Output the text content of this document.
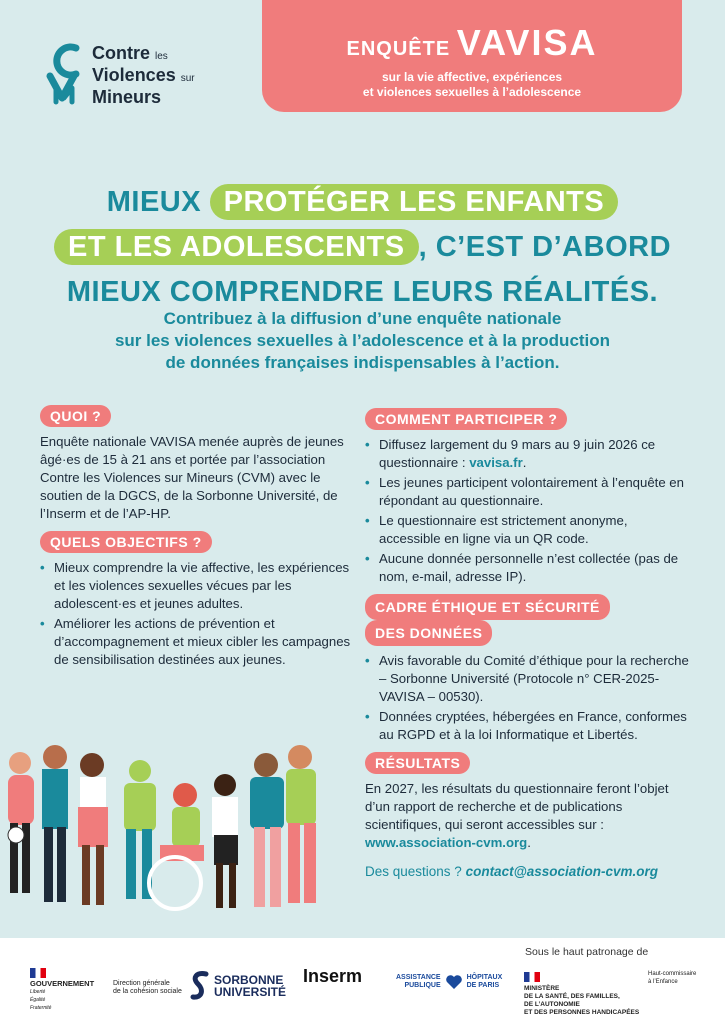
Contre les
Violences sur
Mineurs
ENQUÊTE VAVISA
sur la vie affective, expériences
et violences sexuelles à l’adolescence
MIEUX PROTÉGER LES ENFANTS
ET LES ADOLESCENTS , C’EST D’ABORD
MIEUX COMPRENDRE LEURS RÉALITÉS.
Contribuez à la diffusion d’une enquête nationale
sur les violences sexuelles à l’adolescence et à la production
de données françaises indispensables à l’action.
QUOI ?

Enquête nationale VAVISA menée auprès de jeunes âgé·es de 15 à 21 ans et portée par l’association Contre les Violences sur Mineurs (CVM) avec le soutien de la DGCS, de la Sorbonne Université, de l’Inserm et de l’AP-HP.

QUELS OBJECTIFS ?
• Mieux comprendre la vie affective, les expériences et les violences sexuelles vécues par les adolescent·es et jeunes adultes.
• Améliorer les actions de prévention et d’accompagnement et mieux cibler les campagnes de sensibilisation destinées aux jeunes.
COMMENT PARTICIPER ?
• Diffusez largement du 9 mars au 9 juin 2026 ce questionnaire : vavisa.fr.
• Les jeunes participent volontairement à l’enquête en répondant au questionnaire.
• Le questionnaire est strictement anonyme, accessible en ligne via un QR code.
• Aucune donnée personnelle n’est collectée (pas de nom, e-mail, adresse IP).
CADRE ÉTHIQUE ET SÉCURITÉ
DES DONNÉES
• Avis favorable du Comité d’éthique pour la recherche – Sorbonne Université (Protocole n° CER-2025-VAVISA – 00530).
• Données cryptées, hébergées en France, conformes au RGPD et à la loi Informatique et Libertés.
RÉSULTATS

En 2027, les résultats du questionnaire feront l’objet d’un rapport de recherche et de publications scientifiques, qui seront accessibles sur : www.association-cvm.org.

Des questions ? contact@association-cvm.org
Sous le haut patronage de
GOUVERNEMENT
Liberté Égalité Fraternité
Direction générale
de la cohésion sociale
SORBONNE
UNIVERSITÉ
Inserm	ASSISTANCE
PUBLIQUE
HÔPITAUX
DE PARIS	MINISTÈRE
DE LA SANTÉ, DES FAMILLES,
DE L’AUTONOMIE
ET DES PERSONNES HANDICAPÉES
Haut-commissaire
à l’Enfance
